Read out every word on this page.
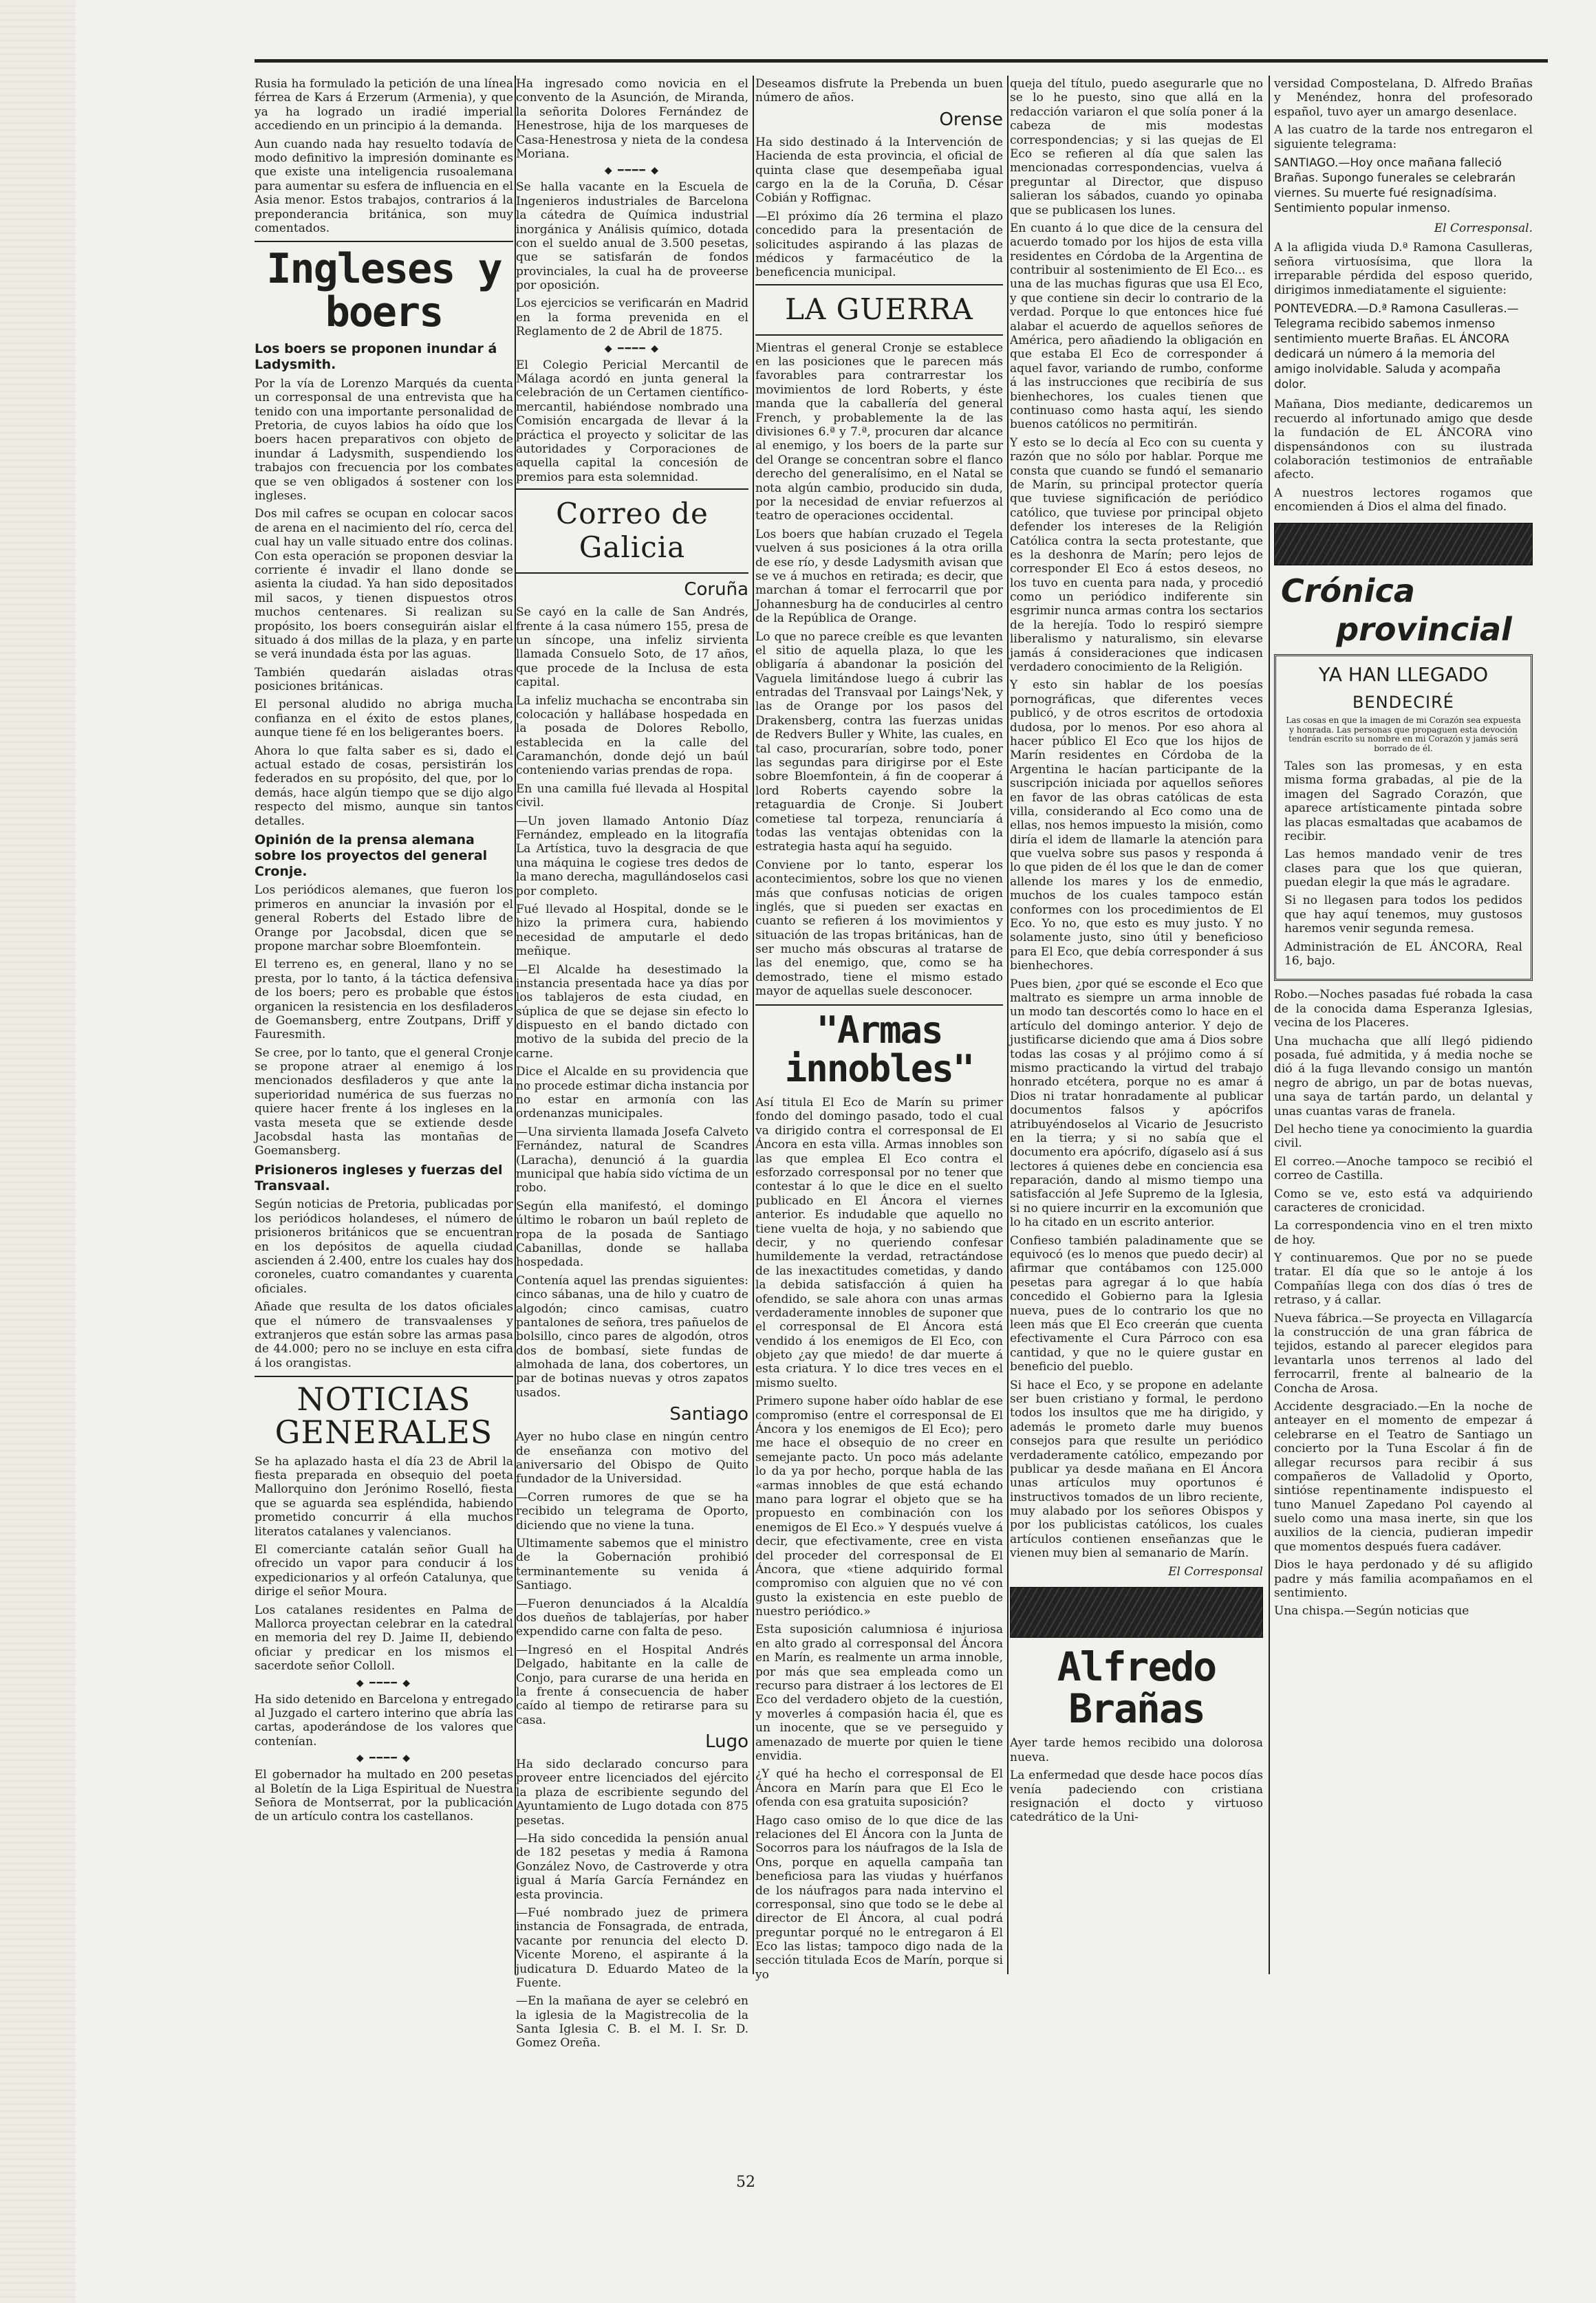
Rusia ha formulado la petición de una línea férrea de Kars á Erzerum (Armenia), y que ya ha logrado un iradié imperial accediendo en un principio á la demanda.

Aun cuando nada hay resuelto todavía de modo definitivo la impresión dominante es que existe una inteligencia rusoalemana para aumentar su esfera de influencia en el Asia menor. Estos trabajos, contrarios á la preponderancia británica, son muy comentados.

Ingleses y boers
Los boers se proponen inundar á Ladysmith.

Por la vía de Lorenzo Marqués da cuenta un corresponsal de una entrevista que ha tenido con una importante personalidad de Pretoria, de cuyos labios ha oído que los boers hacen preparativos con objeto de inundar á Ladysmith, suspendiendo los trabajos con frecuencia por los combates que se ven obligados á sostener con los ingleses.

Dos mil cafres se ocupan en colocar sacos de arena en el nacimiento del río, cerca del cual hay un valle situado entre dos colinas. Con esta operación se proponen desviar la corriente é invadir el llano donde se asienta la ciudad. Ya han sido depositados mil sacos, y tienen dispuestos otros muchos centenares. Si realizan su propósito, los boers conseguirán aislar el situado á dos millas de la plaza, y en parte se verá inundada ésta por las aguas.

También quedarán aisladas otras posiciones británicas.

El personal aludido no abriga mucha confianza en el éxito de estos planes, aunque tiene fé en los beligerantes boers.

Ahora lo que falta saber es si, dado el actual estado de cosas, persistirán los federados en su propósito, del que, por lo demás, hace algún tiempo que se dijo algo respecto del mismo, aunque sin tantos detalles.

Opinión de la prensa alemana sobre los proyectos del general Cronje.

Los periódicos alemanes, que fueron los primeros en anunciar la invasión por el general Roberts del Estado libre de Orange por Jacobsdal, dicen que se propone marchar sobre Bloemfontein.

El terreno es, en general, llano y no se presta, por lo tanto, á la táctica defensiva de los boers; pero es probable que éstos organicen la resistencia en los desfiladeros de Goemansberg, entre Zoutpans, Driff y Fauresmith.

Se cree, por lo tanto, que el general Cronje se propone atraer al enemigo á los mencionados desfiladeros y que ante la superioridad numérica de sus fuerzas no quiere hacer frente á los ingleses en la vasta meseta que se extiende desde Jacobsdal hasta las montañas de Goemansberg.

Prisioneros ingleses y fuerzas del Transvaal.

Según noticias de Pretoria, publicadas por los periódicos holandeses, el número de prisioneros británicos que se encuentran en los depósitos de aquella ciudad ascienden á 2.400, entre los cuales hay dos coroneles, cuatro comandantes y cuarenta oficiales.

Añade que resulta de los datos oficiales que el número de transvaalenses y extranjeros que están sobre las armas pasa de 44.000; pero no se incluye en esta cifra á los orangistas.

NOTICIAS GENERALES

Se ha aplazado hasta el día 23 de Abril la fiesta preparada en obsequio del poeta Mallorquino don Jerónimo Roselló, fiesta que se aguarda sea espléndida, habiendo prometido concurrir á ella muchos literatos catalanes y valencianos.

El comerciante catalán señor Guall ha ofrecido un vapor para conducir á los expedicionarios y al orfeón Catalunya, que dirige el señor Moura.

Los catalanes residentes en Palma de Mallorca proyectan celebrar en la catedral en memoria del rey D. Jaime II, debiendo oficiar y predicar en los mismos el sacerdote señor Colloll.

◆ ━━━━ ◆

Ha sido detenido en Barcelona y entregado al Juzgado el cartero interino que abría las cartas, apoderándose de los valores que contenían.

◆ ━━━━ ◆

El gobernador ha multado en 200 pesetas al Boletín de la Liga Espiritual de Nuestra Señora de Montserrat, por la publicación de un artículo contra los castellanos.

Ha ingresado como novicia en el convento de la Asunción, de Miranda, la señorita Dolores Fernández de Henestrose, hija de los marqueses de Casa-Henestrosa y nieta de la condesa Moriana.

◆ ━━━━ ◆

Se halla vacante en la Escuela de Ingenieros industriales de Barcelona la cátedra de Química industrial inorgánica y Análisis químico, dotada con el sueldo anual de 3.500 pesetas, que se satisfarán de fondos provinciales, la cual ha de proveerse por oposición.

Los ejercicios se verificarán en Madrid en la forma prevenida en el Reglamento de 2 de Abril de 1875.

◆ ━━━━ ◆

El Colegio Pericial Mercantil de Málaga acordó en junta general la celebración de un Certamen científico-mercantil, habiéndose nombrado una Comisión encargada de llevar á la práctica el proyecto y solicitar de las autoridades y Corporaciones de aquella capital la concesión de premios para esta solemnidad.

Correo de Galicia
Coruña

Se cayó en la calle de San Andrés, frente á la casa número 155, presa de un síncope, una infeliz sirvienta llamada Consuelo Soto, de 17 años, que procede de la Inclusa de esta capital.

La infeliz muchacha se encontraba sin colocación y hallábase hospedada en la posada de Dolores Rebollo, establecida en la calle del Caramanchón, donde dejó un baúl conteniendo varias prendas de ropa.

En una camilla fué llevada al Hospital civil.

—Un joven llamado Antonio Díaz Fernández, empleado en la litografía La Artística, tuvo la desgracia de que una máquina le cogiese tres dedos de la mano derecha, magullándoselos casi por completo.

Fué llevado al Hospital, donde se le hizo la primera cura, habiendo necesidad de amputarle el dedo meñique.

—El Alcalde ha desestimado la instancia presentada hace ya días por los tablajeros de esta ciudad, en súplica de que se dejase sin efecto lo dispuesto en el bando dictado con motivo de la subida del precio de la carne.

Dice el Alcalde en su providencia que no procede estimar dicha instancia por no estar en armonía con las ordenanzas municipales.

—Una sirvienta llamada Josefa Calveto Fernández, natural de Scandres (Laracha), denunció á la guardia municipal que había sido víctima de un robo.

Según ella manifestó, el domingo último le robaron un baúl repleto de ropa de la posada de Santiago Cabanillas, donde se hallaba hospedada.

Contenía aquel las prendas siguientes: cinco sábanas, una de hilo y cuatro de algodón; cinco camisas, cuatro pantalones de señora, tres pañuelos de bolsillo, cinco pares de algodón, otros dos de bombasí, siete fundas de almohada de lana, dos cobertores, un par de botinas nuevas y otros zapatos usados.

Santiago

Ayer no hubo clase en ningún centro de enseñanza con motivo del aniversario del Obispo de Quito fundador de la Universidad.

—Corren rumores de que se ha recibido un telegrama de Oporto, diciendo que no viene la tuna.

Ultimamente sabemos que el ministro de la Gobernación prohibió terminantemente su venida á Santiago.

—Fueron denunciados á la Alcaldía dos dueños de tablajerías, por haber expendido carne con falta de peso.

—Ingresó en el Hospital Andrés Delgado, habitante en la calle de Conjo, para curarse de una herida en la frente á consecuencia de haber caído al tiempo de retirarse para su casa.

Lugo

Ha sido declarado concurso para proveer entre licenciados del ejército la plaza de escribiente segundo del Ayuntamiento de Lugo dotada con 875 pesetas.

—Ha sido concedida la pensión anual de 182 pesetas y media á Ramona González Novo, de Castroverde y otra igual á María García Fernández en esta provincia.

—Fué nombrado juez de primera instancia de Fonsagrada, de entrada, vacante por renuncia del electo D. Vicente Moreno, el aspirante á la judicatura D. Eduardo Mateo de la Fuente.

—En la mañana de ayer se celebró en la iglesia de la Magistrecolia de la Santa Iglesia C. B. el M. I. Sr. D. Gomez Oreña.

Deseamos disfrute la Prebenda un buen número de años.

Orense

Ha sido destinado á la Intervención de Hacienda de esta provincia, el oficial de quinta clase que desempeñaba igual cargo en la de la Coruña, D. César Cobián y Roffignac.

—El próximo día 26 termina el plazo concedido para la presentación de solicitudes aspirando á las plazas de médicos y farmacéutico de la beneficencia municipal.

LA GUERRA

Mientras el general Cronje se establece en las posiciones que le parecen más favorables para contrarrestar los movimientos de lord Roberts, y éste manda que la caballería del general French, y probablemente la de las divisiones 6.ª y 7.ª, procuren dar alcance al enemigo, y los boers de la parte sur del Orange se concentran sobre el flanco derecho del generalísimo, en el Natal se nota algún cambio, producido sin duda, por la necesidad de enviar refuerzos al teatro de operaciones occidental.

Los boers que habían cruzado el Tegela vuelven á sus posiciones á la otra orilla de ese río, y desde Ladysmith avisan que se ve á muchos en retirada; es decir, que marchan á tomar el ferrocarril que por Johannesburg ha de conducirles al centro de la República de Orange.

Lo que no parece creíble es que levanten el sitio de aquella plaza, lo que les obligaría á abandonar la posición del Vaguela limitándose luego á cubrir las entradas del Transvaal por Laings'Nek, y las de Orange por los pasos del Drakensberg, contra las fuerzas unidas de Redvers Buller y White, las cuales, en tal caso, procurarían, sobre todo, poner las segundas para dirigirse por el Este sobre Bloemfontein, á fin de cooperar á lord Roberts cayendo sobre la retaguardia de Cronje. Si Joubert cometiese tal torpeza, renunciaría á todas las ventajas obtenidas con la estrategia hasta aquí ha seguido.

Conviene por lo tanto, esperar los acontecimientos, sobre los que no vienen más que confusas noticias de origen inglés, que si pueden ser exactas en cuanto se refieren á los movimientos y situación de las tropas británicas, han de ser mucho más obscuras al tratarse de las del enemigo, que, como se ha demostrado, tiene el mismo estado mayor de aquellas suele desconocer.

"Armas innobles"

Así titula El Eco de Marín su primer fondo del domingo pasado, todo el cual va dirigido contra el corresponsal de El Áncora en esta villa. Armas innobles son las que emplea El Eco contra el esforzado corresponsal por no tener que contestar á lo que le dice en el suelto publicado en El Áncora el viernes anterior. Es indudable que aquello no tiene vuelta de hoja, y no sabiendo que decir, y no queriendo confesar humildemente la verdad, retractándose de las inexactitudes cometidas, y dando la debida satisfacción á quien ha ofendido, se sale ahora con unas armas verdaderamente innobles de suponer que el corresponsal de El Áncora está vendido á los enemigos de El Eco, con objeto ¿ay que miedo! de dar muerte á esta criatura. Y lo dice tres veces en el mismo suelto.

Primero supone haber oído hablar de ese compromiso (entre el corresponsal de El Áncora y los enemigos de El Eco); pero me hace el obsequio de no creer en semejante pacto. Un poco más adelante lo da ya por hecho, porque habla de las «armas innobles de que está echando mano para lograr el objeto que se ha propuesto en combinación con los enemigos de El Eco.» Y después vuelve á decir, que efectivamente, cree en vista del proceder del corresponsal de El Áncora, que «tiene adquirido formal compromiso con alguien que no vé con gusto la existencia en este pueblo de nuestro periódico.»

Esta suposición calumniosa é injuriosa en alto grado al corresponsal del Áncora en Marín, es realmente un arma innoble, por más que sea empleada como un recurso para distraer á los lectores de El Eco del verdadero objeto de la cuestión, y moverles á compasión hacia él, que es un inocente, que se ve perseguido y amenazado de muerte por quien le tiene envidia.

¿Y qué ha hecho el corresponsal de El Áncora en Marín para que El Eco le ofenda con esa gratuita suposición?

Hago caso omiso de lo que dice de las relaciones del El Áncora con la Junta de Socorros para los náufragos de la Isla de Ons, porque en aquella campaña tan beneficiosa para las viudas y huérfanos de los náufragos para nada intervino el corresponsal, sino que todo se le debe al director de El Áncora, al cual podrá preguntar porqué no le entregaron á El Eco las listas; tampoco digo nada de la sección titulada Ecos de Marín, porque si yo

queja del título, puedo asegurarle que no se lo he puesto, sino que allá en la redacción variaron el que solía poner á la cabeza de mis modestas correspondencias; y si las quejas de El Eco se refieren al día que salen las mencionadas correspondencias, vuelva á preguntar al Director, que dispuso salieran los sábados, cuando yo opinaba que se publicasen los lunes.

En cuanto á lo que dice de la censura del acuerdo tomado por los hijos de esta villa residentes en Córdoba de la Argentina de contribuir al sostenimiento de El Eco... es una de las muchas figuras que usa El Eco, y que contiene sin decir lo contrario de la verdad. Porque lo que entonces hice fué alabar el acuerdo de aquellos señores de América, pero añadiendo la obligación en que estaba El Eco de corresponder á aquel favor, variando de rumbo, conforme á las instrucciones que recibiría de sus bienhechores, los cuales tienen que continuaso como hasta aquí, les siendo buenos católicos no permitirán.

Y esto se lo decía al Eco con su cuenta y razón que no sólo por hablar. Porque me consta que cuando se fundó el semanario de Marín, su principal protector quería que tuviese significación de periódico católico, que tuviese por principal objeto defender los intereses de la Religión Católica contra la secta protestante, que es la deshonra de Marín; pero lejos de corresponder El Eco á estos deseos, no los tuvo en cuenta para nada, y procedió como un periódico indiferente sin esgrimir nunca armas contra los sectarios de la herejía. Todo lo respiró siempre liberalismo y naturalismo, sin elevarse jamás á consideraciones que indicasen verdadero conocimiento de la Religión.

Y esto sin hablar de los poesías pornográficas, que diferentes veces publicó, y de otros escritos de ortodoxia dudosa, por lo menos. Por eso ahora al hacer público El Eco que los hijos de Marín residentes en Córdoba de la Argentina le hacían participante de la suscripción iniciada por aquellos señores en favor de las obras católicas de esta villa, considerando al Eco como una de ellas, nos hemos impuesto la misión, como diría el idem de llamarle la atención para que vuelva sobre sus pasos y responda á lo que piden de él los que le dan de comer allende los mares y los de enmedio, muchos de los cuales tampoco están conformes con los procedimientos de El Eco. Yo no, que esto es muy justo. Y no solamente justo, sino útil y beneficioso para El Eco, que debía corresponder á sus bienhechores.

Pues bien, ¿por qué se esconde el Eco que maltrato es siempre un arma innoble de un modo tan descortés como lo hace en el artículo del domingo anterior. Y dejo de justificarse diciendo que ama á Dios sobre todas las cosas y al prójimo como á sí mismo practicando la virtud del trabajo honrado etcétera, porque no es amar á Dios ni tratar honradamente al publicar documentos falsos y apócrifos atribuyéndoselos al Vicario de Jesucristo en la tierra; y si no sabía que el documento era apócrifo, dígaselo así á sus lectores á quienes debe en conciencia esa reparación, dando al mismo tiempo una satisfacción al Jefe Supremo de la Iglesia, si no quiere incurrir en la excomunión que lo ha citado en un escrito anterior.

Confieso también paladinamente que se equivocó (es lo menos que puedo decir) al afirmar que contábamos con 125.000 pesetas para agregar á lo que había concedido el Gobierno para la Iglesia nueva, pues de lo contrario los que no leen más que El Eco creerán que cuenta efectivamente el Cura Párroco con esa cantidad, y que no le quiere gustar en beneficio del pueblo.

Si hace el Eco, y se propone en adelante ser buen cristiano y formal, le perdono todos los insultos que me ha dirigido, y además le prometo darle muy buenos consejos para que resulte un periódico verdaderamente católico, empezando por publicar ya desde mañana en El Áncora unas artículos muy oportunos é instructivos tomados de un libro reciente, muy alabado por los señores Obispos y por los publicistas católicos, los cuales artículos contienen enseñanzas que le vienen muy bien al semanario de Marín.

El Corresponsal
Alfredo Brañas

Ayer tarde hemos recibido una dolorosa nueva.

La enfermedad que desde hace pocos días venía padeciendo con cristiana resignación el docto y virtuoso catedrático de la Uni-

versidad Compostelana, D. Alfredo Brañas y Menéndez, honra del profesorado español, tuvo ayer un amargo desenlace.

A las cuatro de la tarde nos entregaron el siguiente telegrama:

SANTIAGO.—Hoy once mañana falleció Brañas. Supongo funerales se celebrarán viernes. Su muerte fué resignadísima. Sentimiento popular inmenso.
El Corresponsal.

A la afligida viuda D.ª Ramona Casulleras, señora virtuosísima, que llora la irreparable pérdida del esposo querido, dirigimos inmediatamente el siguiente:

PONTEVEDRA.—D.ª Ramona Casulleras.—Telegrama recibido sabemos inmenso sentimiento muerte Brañas. EL ÁNCORA dedicará un número á la memoria del amigo inolvidable. Saluda y acompaña dolor.

Mañana, Dios mediante, dedicaremos un recuerdo al infortunado amigo que desde la fundación de EL ÁNCORA vino dispensándonos con su ilustrada colaboración testimonios de entrañable afecto.

A nuestros lectores rogamos que encomienden á Dios el alma del finado.

Crónica
provincial
YA HAN LLEGADO
BENDECIRÉ
Las cosas en que la imagen de mi Corazón sea expuesta y honrada. Las personas que propaguen esta devoción tendrán escrito su nombre en mi Corazón y jamás será borrado de él.

Tales son las promesas, y en esta misma forma grabadas, al pie de la imagen del Sagrado Corazón, que aparece artísticamente pintada sobre las placas esmaltadas que acabamos de recibir.

Las hemos mandado venir de tres clases para que los que quieran, puedan elegir la que más le agradare.

Si no llegasen para todos los pedidos que hay aquí tenemos, muy gustosos haremos venir segunda remesa.

Administración de EL ÁNCORA, Real 16, bajo.

Robo.—Noches pasadas fué robada la casa de la conocida dama Esperanza Iglesias, vecina de los Placeres.

Una muchacha que allí llegó pidiendo posada, fué admitida, y á media noche se dió á la fuga llevando consigo un mantón negro de abrigo, un par de botas nuevas, una saya de tartán pardo, un delantal y unas cuantas varas de franela.

Del hecho tiene ya conocimiento la guardia civil.

El correo.—Anoche tampoco se recibió el correo de Castilla.

Como se ve, esto está va adquiriendo caracteres de cronicidad.

La correspondencia vino en el tren mixto de hoy.

Y continuaremos. Que por no se puede tratar. El día que so le antoje á los Compañías llega con dos días ó tres de retraso, y á callar.

Nueva fábrica.—Se proyecta en Villagarcía la construcción de una gran fábrica de tejidos, estando al parecer elegidos para levantarla unos terrenos al lado del ferrocarril, frente al balneario de la Concha de Arosa.

Accidente desgraciado.—En la noche de anteayer en el momento de empezar á celebrarse en el Teatro de Santiago un concierto por la Tuna Escolar á fin de allegar recursos para recibir á sus compañeros de Valladolid y Oporto, sintióse repentinamente indispuesto el tuno Manuel Zapedano Pol cayendo al suelo como una masa inerte, sin que los auxilios de la ciencia, pudieran impedir que momentos después fuera cadáver.

Dios le haya perdonado y dé su afligido padre y más familia acompañamos en el sentimiento.

Una chispa.—Según noticias que

52
